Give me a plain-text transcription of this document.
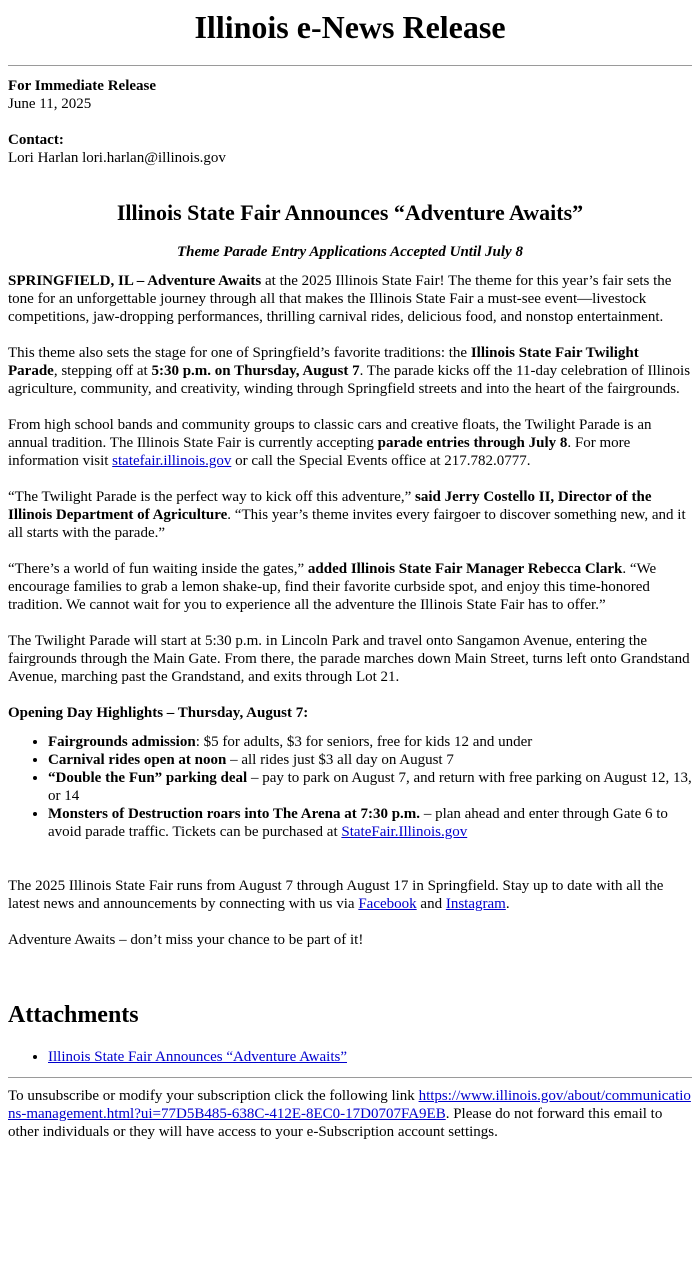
Illinois e-News Release

For Immediate Release

June 11, 2025

Contact:

Lori Harlan lori.harlan@illinois.gov

Illinois State Fair Announces “Adventure Awaits”

Theme Parade Entry Applications Accepted Until July 8

SPRINGFIELD, IL – Adventure Awaits at the 2025 Illinois State Fair! The theme for this year’s fair sets the tone for an unforgettable journey through all that makes the Illinois State Fair a must-see event—livestock competitions, jaw-dropping performances, thrilling carnival rides, delicious food, and nonstop entertainment.

This theme also sets the stage for one of Springfield’s favorite traditions: the Illinois State Fair Twilight Parade, stepping off at 5:30 p.m. on Thursday, August 7. The parade kicks off the 11-day celebration of Illinois agriculture, community, and creativity, winding through Springfield streets and into the heart of the fairgrounds.

From high school bands and community groups to classic cars and creative floats, the Twilight Parade is an annual tradition. The Illinois State Fair is currently accepting parade entries through July 8. For more information visit statefair.illinois.gov or call the Special Events office at 217.782.0777.

“The Twilight Parade is the perfect way to kick off this adventure,” said Jerry Costello II, Director of the Illinois Department of Agriculture. “This year’s theme invites every fairgoer to discover something new, and it all starts with the parade.”

“There’s a world of fun waiting inside the gates,” added Illinois State Fair Manager Rebecca Clark. “We encourage families to grab a lemon shake-up, find their favorite curbside spot, and enjoy this time-honored tradition. We cannot wait for you to experience all the adventure the Illinois State Fair has to offer.”

The Twilight Parade will start at 5:30 p.m. in Lincoln Park and travel onto Sangamon Avenue, entering the fairgrounds through the Main Gate. From there, the parade marches down Main Street, turns left onto Grandstand Avenue, marching past the Grandstand, and exits through Lot 21.

Opening Day Highlights – Thursday, August 7:

• Fairgrounds admission: $5 for adults, $3 for seniors, free for kids 12 and under
• Carnival rides open at noon – all rides just $3 all day on August 7
• “Double the Fun” parking deal – pay to park on August 7, and return with free parking on August 12, 13, or 14
• Monsters of Destruction roars into The Arena at 7:30 p.m. – plan ahead and enter through Gate 6 to avoid parade traffic. Tickets can be purchased at StateFair.Illinois.gov

The 2025 Illinois State Fair runs from August 7 through August 17 in Springfield. Stay up to date with all the latest news and announcements by connecting with us via Facebook and Instagram.

Adventure Awaits – don’t miss your chance to be part of it!

Attachments
• Illinois State Fair Announces “Adventure Awaits”

To unsubscribe or modify your subscription click the following link https://www.illinois.gov/about/communications-management.html?ui=77D5B485-638C-412E-8EC0-17D0707FA9EB. Please do not forward this email to other individuals or they will have access to your e-Subscription account settings.
